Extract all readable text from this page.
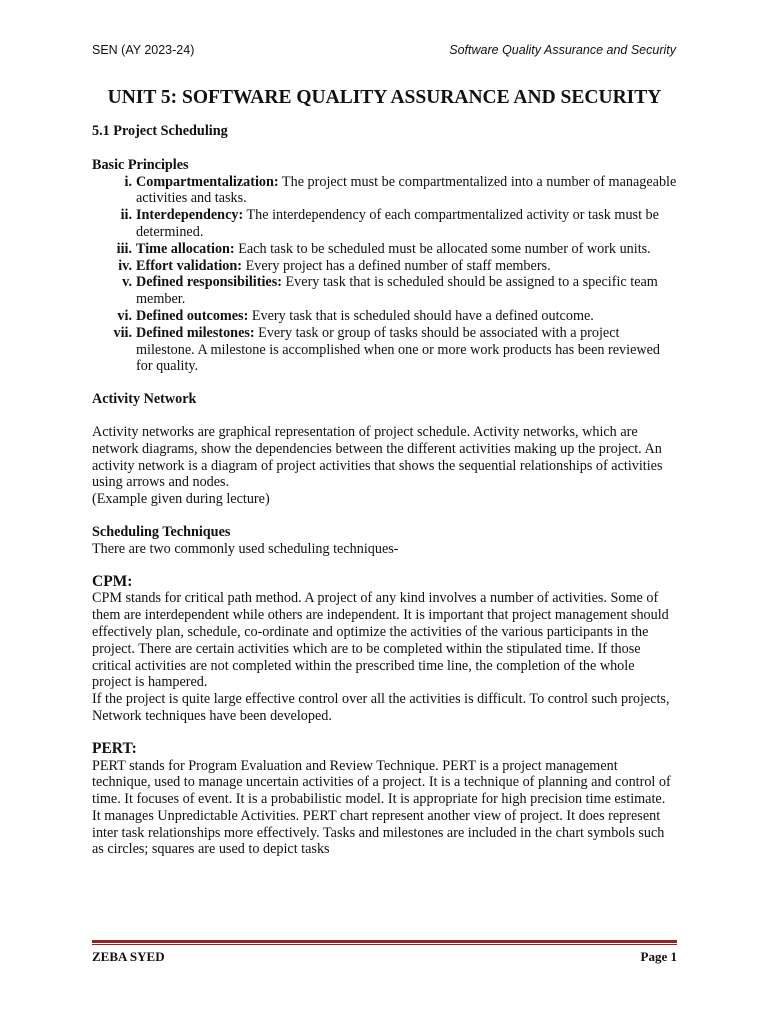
SEN (AY 2023-24)	Software Quality Assurance and Security
UNIT 5: SOFTWARE QUALITY ASSURANCE AND SECURITY
5.1 Project Scheduling
Basic Principles
i. Compartmentalization: The project must be compartmentalized into a number of manageable activities and tasks.
ii. Interdependency: The interdependency of each compartmentalized activity or task must be determined.
iii. Time allocation: Each task to be scheduled must be allocated some number of work units.
iv. Effort validation: Every project has a defined number of staff members.
v. Defined responsibilities: Every task that is scheduled should be assigned to a specific team member.
vi. Defined outcomes: Every task that is scheduled should have a defined outcome.
vii. Defined milestones: Every task or group of tasks should be associated with a project milestone. A milestone is accomplished when one or more work products has been reviewed for quality.
Activity Network

Activity networks are graphical representation of project schedule. Activity networks, which are network diagrams, show the dependencies between the different activities making up the project. An activity network is a diagram of project activities that shows the sequential relationships of activities using arrows and nodes.

(Example given during lecture)

Scheduling Techniques

There are two commonly used scheduling techniques-

CPM:

CPM stands for critical path method. A project of any kind involves a number of activities. Some of them are interdependent while others are independent. It is important that project management should effectively plan, schedule, co-ordinate and optimize the activities of the various participants in the project. There are certain activities which are to be completed within the stipulated time. If those critical activities are not completed within the prescribed time line, the completion of the whole project is hampered.

If the project is quite large effective control over all the activities is difficult. To control such projects, Network techniques have been developed.

PERT:

PERT stands for Program Evaluation and Review Technique. PERT is a project management technique, used to manage uncertain activities of a project. It is a technique of planning and control of time. It focuses of event. It is a probabilistic model. It is appropriate for high precision time estimate. It manages Unpredictable Activities. PERT chart represent another view of project. It does represent inter task relationships more effectively. Tasks and milestones are included in the chart symbols such as circles; squares are used to depict tasks

ZEBA SYED	Page 1
